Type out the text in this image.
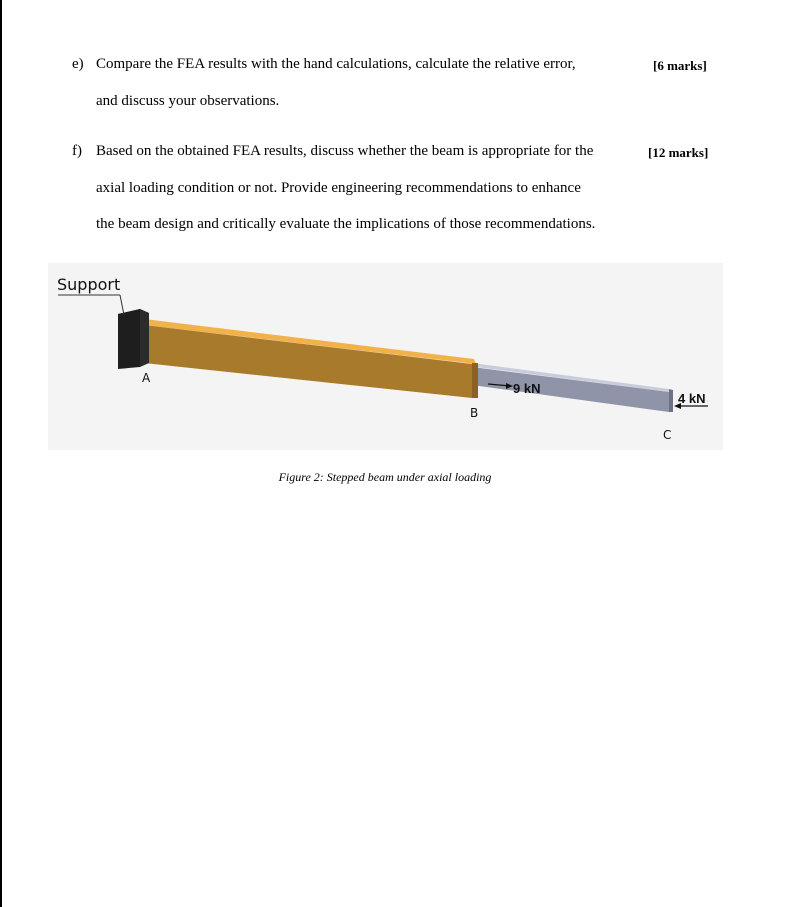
e) Compare the FEA results with the hand calculations, calculate the relative error,
and discuss your observations.
[6 marks]
f) Based on the obtained FEA results, discuss whether the beam is appropriate for the
axial loading condition or not. Provide engineering recommendations to enhance
the beam design and critically evaluate the implications of those recommendations.
[12 marks]
Support
A
B
C
9 kN
4 kN
Figure 2: Stepped beam under axial loading
